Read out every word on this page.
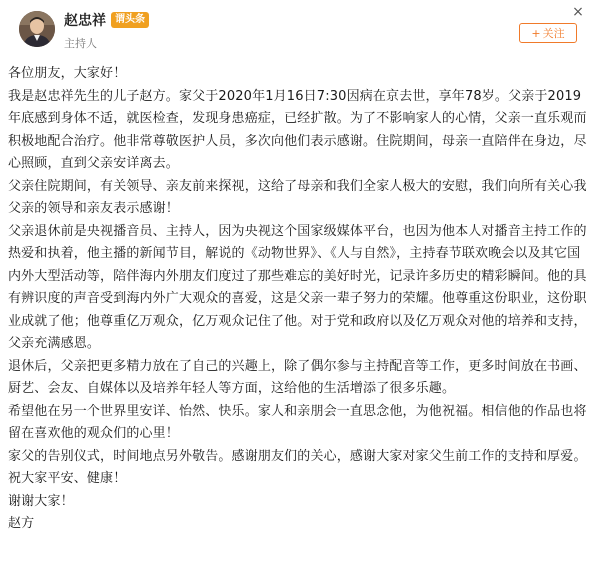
赵忠祥 谓头条
主持人
×
+ 关注

各位朋友，大家好！

我是赵忠祥先生的儿子赵方。家父于2020年1月16日7:30因病在京去世，享年78岁。父亲于2019年底感到身体不适，就医检查，发现身患癌症，已经扩散。为了不影响家人的心情，父亲一直乐观而积极地配合治疗。他非常尊敬医护人员，多次向他们表示感谢。住院期间，母亲一直陪伴在身边，尽心照顾，直到父亲安详离去。

父亲住院期间，有关领导、亲友前来探视，这给了母亲和我们全家人极大的安慰，我们向所有关心我父亲的领导和亲友表示感谢！

父亲退休前是央视播音员、主持人，因为央视这个国家级媒体平台，也因为他本人对播音主持工作的热爱和执着，他主播的新闻节目，解说的《动物世界》、《人与自然》，主持春节联欢晚会以及其它国内外大型活动等，陪伴海内外朋友们度过了那些难忘的美好时光，记录许多历史的精彩瞬间。他的具有辨识度的声音受到海内外广大观众的喜爱，这是父亲一辈子努力的荣耀。他尊重这份职业，这份职业成就了他；他尊重亿万观众，亿万观众记住了他。对于党和政府以及亿万观众对他的培养和支持，父亲充满感恩。

退休后，父亲把更多精力放在了自己的兴趣上，除了偶尔参与主持配音等工作，更多时间放在书画、厨艺、会友、自媒体以及培养年轻人等方面，这给他的生活增添了很多乐趣。

希望他在另一个世界里安详、怡然、快乐。家人和亲朋会一直思念他，为他祝福。相信他的作品也将留在喜欢他的观众们的心里！

家父的告别仪式，时间地点另外敬告。感谢朋友们的关心，感谢大家对家父生前工作的支持和厚爱。祝大家平安、健康！

谢谢大家！

赵方
